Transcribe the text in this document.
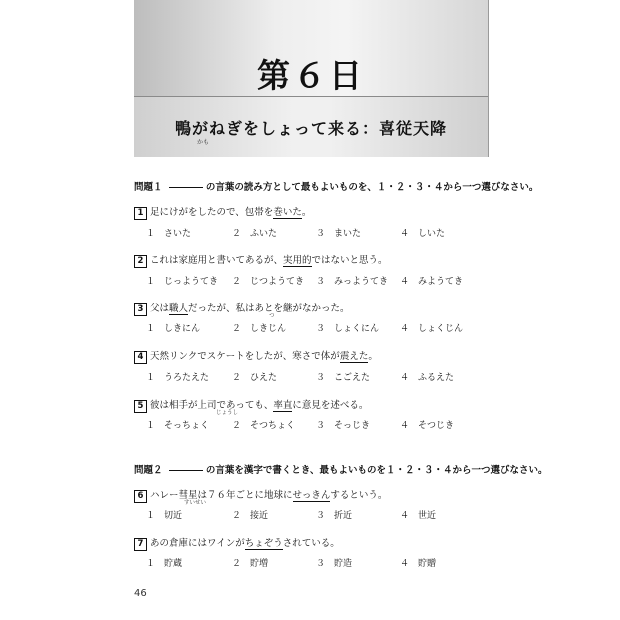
第６日
鴨がねぎをしょって来る：喜従天降
かも
問題１	の言葉の読み方として最もよいものを、１・２・３・４から一つ選びなさい。
1 足にけがをしたので、包帯を巻いた。
１　さいた	２　ふいた	３　まいた	４　しいた
2 これは家庭用と書いてあるが、実用的ではないと思う。
１　じっようてき ２　じつようてき ３　みっようてき ４　みようてき
3 父は職人だったが、私はあとを継がなかった。
つ
１　しきにん	２　しきじん	３　しょくにん ４　しょくじん
4 天然リンクでスケートをしたが、寒さで体が震えた。
１　うろたえた	２　ひえた	３　こごえた	４　ふるえた
5 彼は相手が上司であっても、率直に意見を述べる。
じょうし
１　そっちょく	２　そつちょく ３　そっじき	４　そつじき
問題２	の言葉を漢字で書くとき、最もよいものを１・２・３・４から一つ選びなさい。
6 ハレー彗星は７６年ごとに地球にせっきんするという。
すいせい
１　切近	２　接近	３　折近	４　世近
7 あの倉庫にはワインがちょぞうされている。
１　貯蔵	２　貯増	３　貯造	４　貯贈
46
